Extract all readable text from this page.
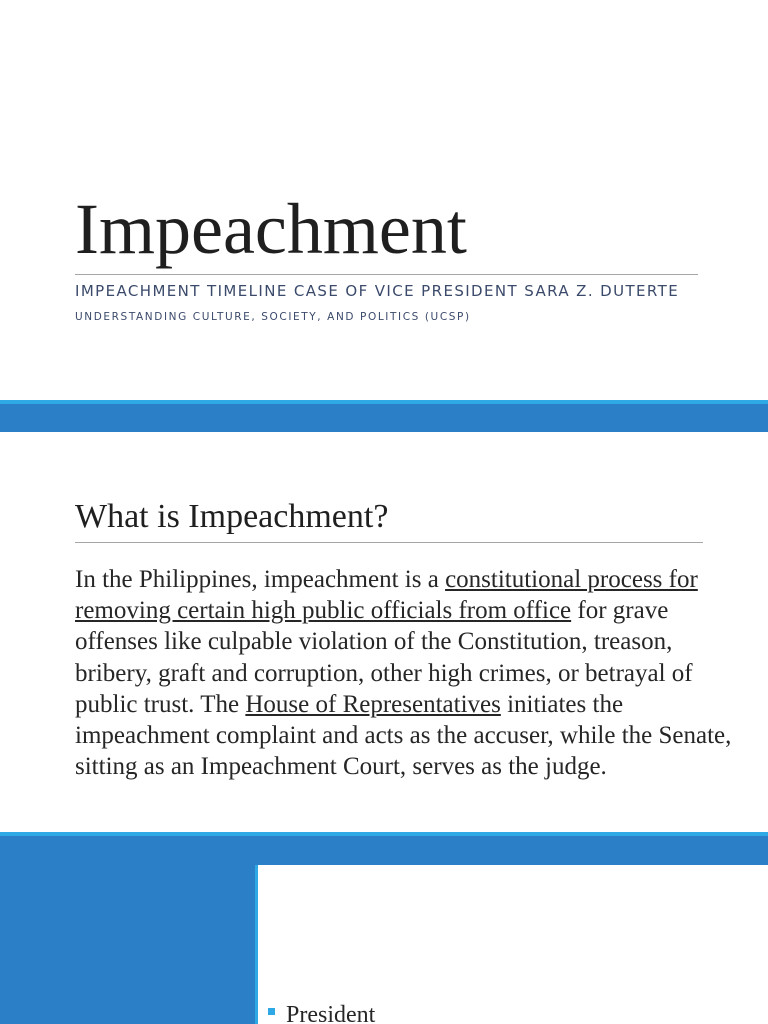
Impeachment

IMPEACHMENT TIMELINE CASE OF VICE PRESIDENT SARA Z. DUTERTE

UNDERSTANDING CULTURE, SOCIETY, AND POLITICS (UCSP)

What is Impeachment?

In the Philippines, impeachment is a constitutional process for removing certain high public officials from office for grave offenses like culpable violation of the Constitution, treason, bribery, graft and corruption, other high crimes, or betrayal of public trust. The House of Representatives initiates the impeachment complaint and acts as the accuser, while the Senate, sitting as an Impeachment Court, serves as the judge.

President
